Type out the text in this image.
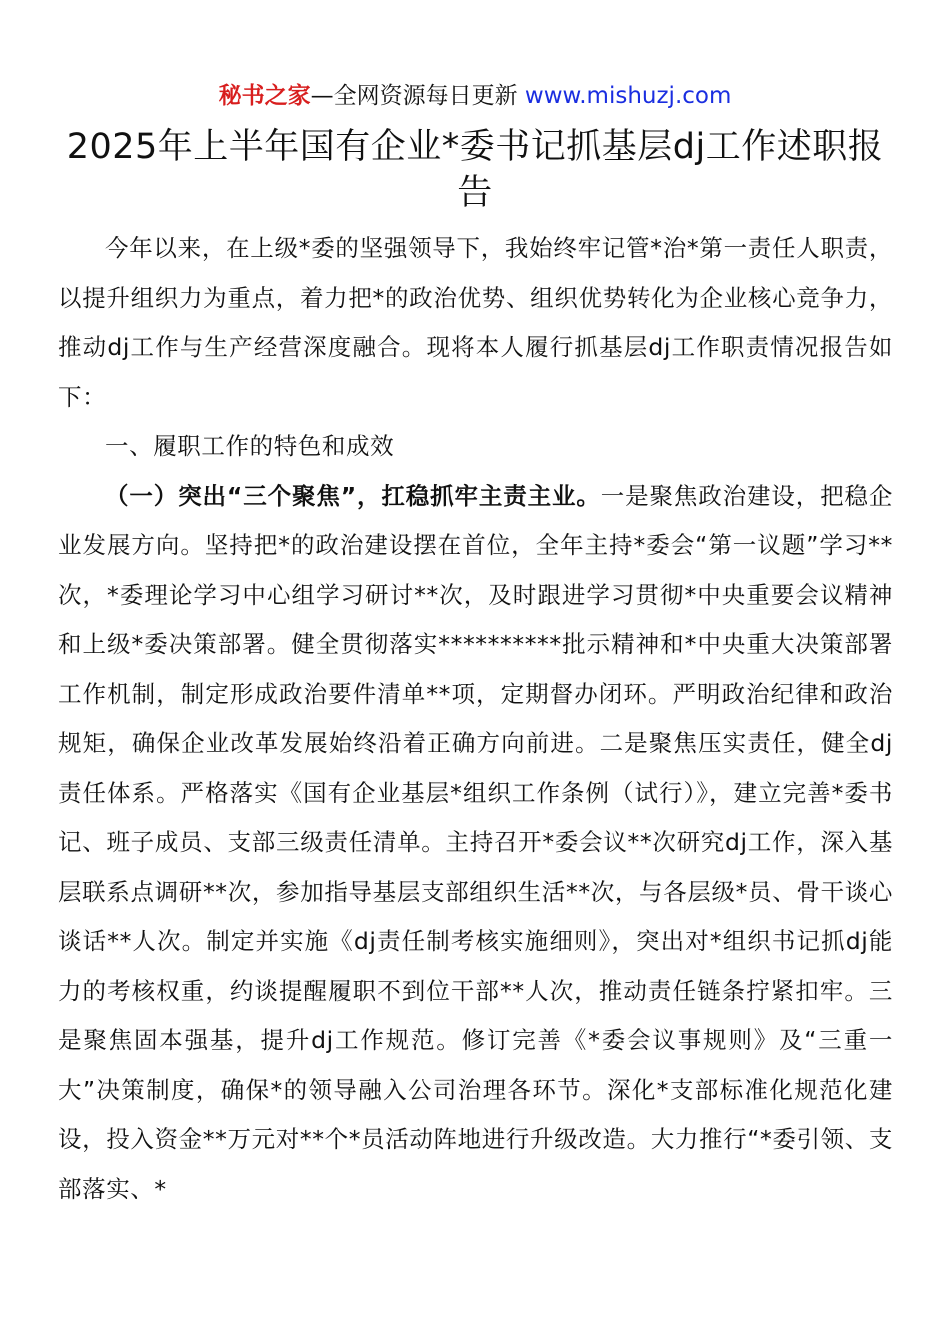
秘书之家—全网资源每日更新 www.mishuzj.com
2025年上半年国有企业*委书记抓基层dj工作述职报告

今年以来，在上级*委的坚强领导下，我始终牢记管*治*第一责任人职责，以提升组织力为重点，着力把*的政治优势、组织优势转化为企业核心竞争力，推动dj工作与生产经营深度融合。现将本人履行抓基层dj工作职责情况报告如下：

一、履职工作的特色和成效

（一）突出“三个聚焦”，扛稳抓牢主责主业。一是聚焦政治建设，把稳企业发展方向。坚持把*的政治建设摆在首位，全年主持*委会“第一议题”学习**次，*委理论学习中心组学习研讨**次，及时跟进学习贯彻*中央重要会议精神和上级*委决策部署。健全贯彻落实**********批示精神和*中央重大决策部署工作机制，制定形成政治要件清单**项，定期督办闭环。严明政治纪律和政治规矩，确保企业改革发展始终沿着正确方向前进。二是聚焦压实责任，健全dj责任体系。严格落实《国有企业基层*组织工作条例（试行）》，建立完善*委书记、班子成员、支部三级责任清单。主持召开*委会议**次研究dj工作，深入基层联系点调研**次，参加指导基层支部组织生活**次，与各层级*员、骨干谈心谈话**人次。制定并实施《dj责任制考核实施细则》，突出对*组织书记抓dj能力的考核权重，约谈提醒履职不到位干部**人次，推动责任链条拧紧扣牢。三是聚焦固本强基，提升dj工作规范。修订完善《*委会议事规则》及“三重一大”决策制度，确保*的领导融入公司治理各环节。深化*支部标准化规范化建设，投入资金**万元对**个*员活动阵地进行升级改造。大力推行“*委引领、支部落实、*
